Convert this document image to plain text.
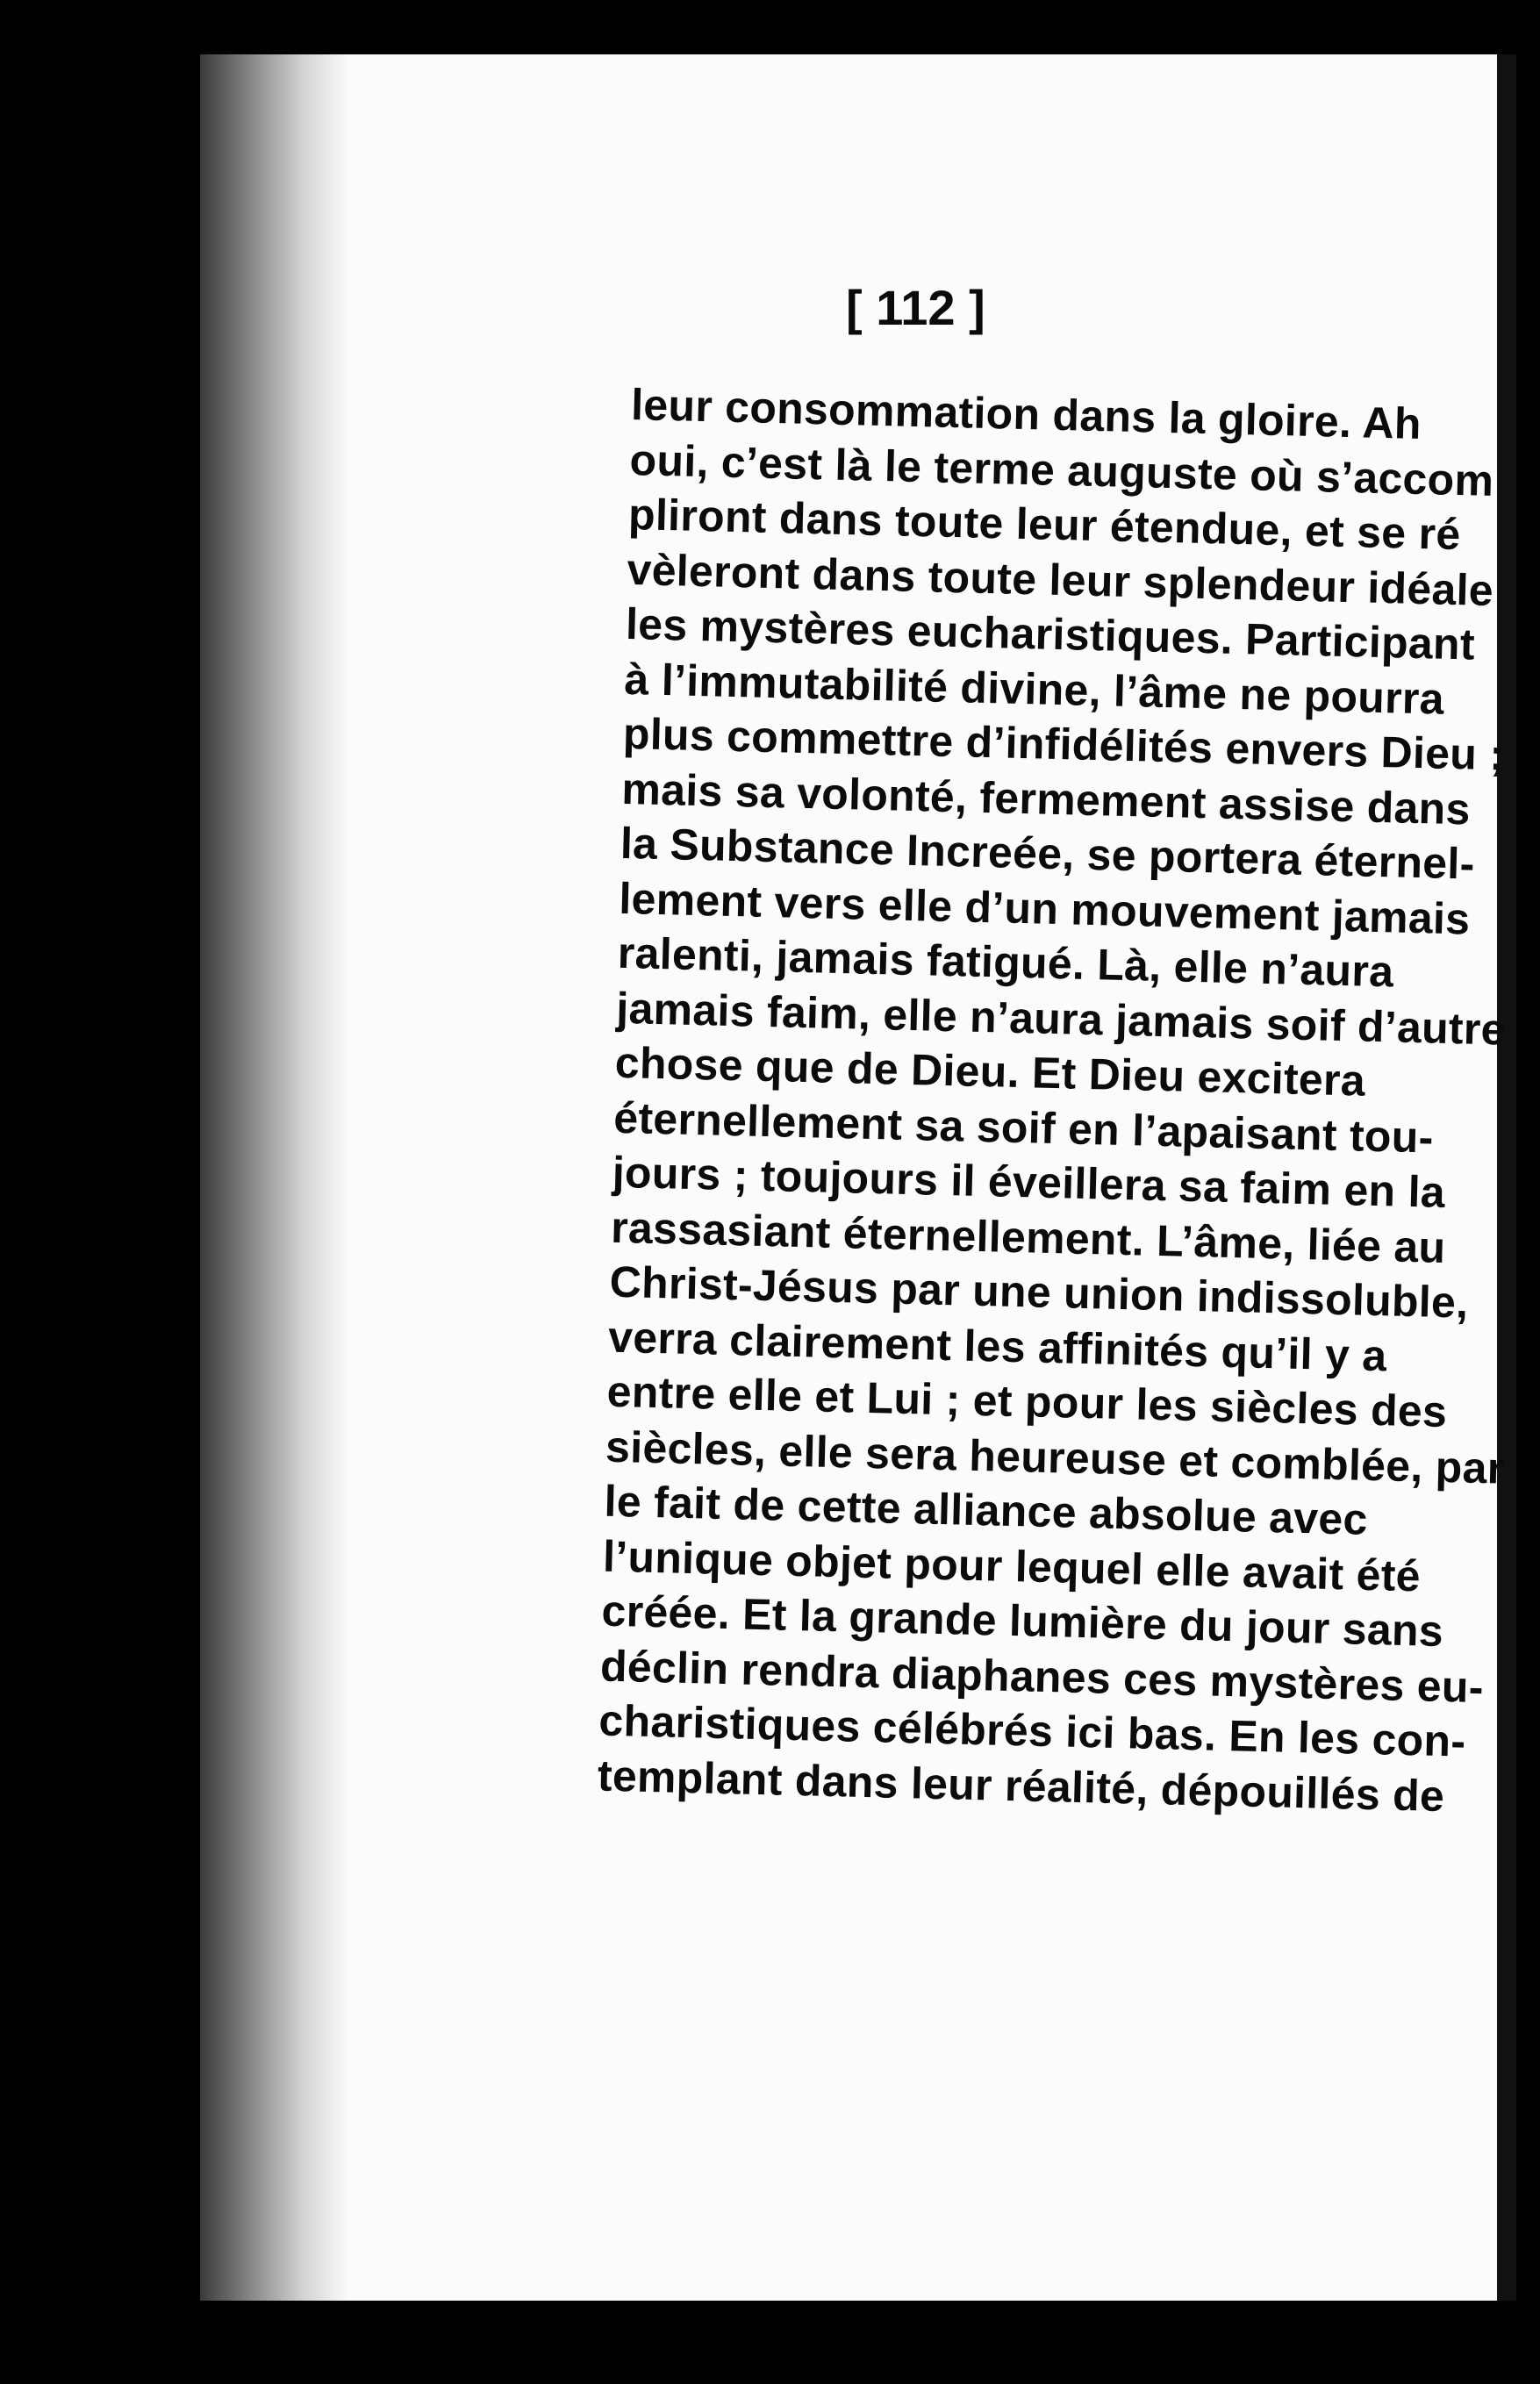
[ 112 ]
leur consommation dans la gloire. Ah
oui, c’est là le terme auguste où s’accom
pliront dans toute leur étendue, et se ré
vèleront dans toute leur splendeur idéale
les mystères eucharistiques. Participant
à l’immutabilité divine, l’âme ne pourra
plus commettre d’infidélités envers Dieu ;
mais sa volonté, fermement assise dans
la Substance Increée, se portera éternel-
lement vers elle d’un mouvement jamais
ralenti, jamais fatigué. Là, elle n’aura
jamais faim, elle n’aura jamais soif d’autre
chose que de Dieu. Et Dieu excitera
éternellement sa soif en l’apaisant tou-
jours ; toujours il éveillera sa faim en la
rassasiant éternellement. L’âme, liée au
Christ-Jésus par une union indissoluble,
verra clairement les affinités qu’il y a
entre elle et Lui ; et pour les siècles des
siècles, elle sera heureuse et comblée, par
le fait de cette alliance absolue avec
l’unique objet pour lequel elle avait été
créée. Et la grande lumière du jour sans
déclin rendra diaphanes ces mystères eu-
charistiques célébrés ici bas. En les con-
templant dans leur réalité, dépouillés de
